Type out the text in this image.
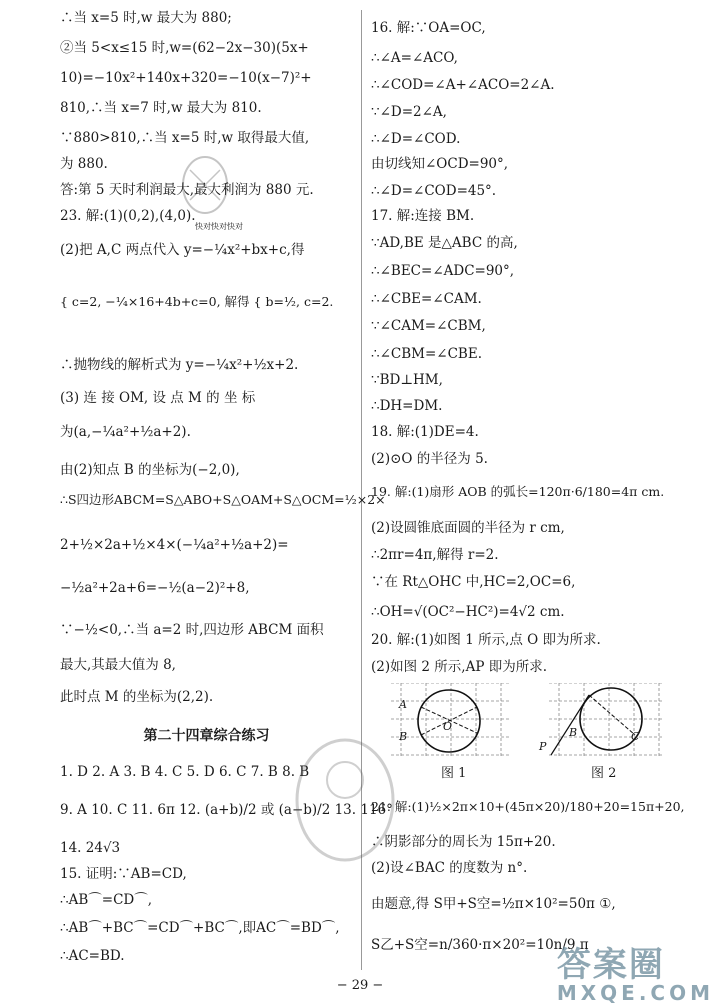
∴当 x=5 时,w 最大为 880;
②当 5<x≤15 时,w=(62−2x−30)(5x+
10)=−10x²+140x+320=−10(x−7)²+
810,∴当 x=7 时,w 最大为 810.
∵880>810,∴当 x=5 时,w 取得最大值,
为 880.
答:第 5 天时利润最大,最大利润为 880 元.
23. 解:(1)(0,2),(4,0).
(2)把 A,C 两点代入 y=−¼x²+bx+c,得
{ c=2, −¼×16+4b+c=0, 解得 { b=½, c=2.
∴抛物线的解析式为 y=−¼x²+½x+2.
(3) 连 接 OM, 设 点 M 的 坐 标
为(a,−¼a²+½a+2).
由(2)知点 B 的坐标为(−2,0),
∴S四边形ABCM=S△ABO+S△OAM+S△OCM=½×2×
2+½×2a+½×4×(−¼a²+½a+2)=
−½a²+2a+6=−½(a−2)²+8,
∵−½<0,∴当 a=2 时,四边形 ABCM 面积
最大,其最大值为 8,
此时点 M 的坐标为(2,2).
第二十四章综合练习
1. D 2. A 3. B 4. C 5. D 6. C 7. B 8. B
9. A 10. C 11. 6π 12. (a+b)/2 或 (a−b)/2 13. 116°
14. 24√3
15. 证明:∵AB=CD,
∴AB⌒=CD⌒,
∴AB⌒+BC⌒=CD⌒+BC⌒,即AC⌒=BD⌒,
∴AC=BD.
快对快对快对
16. 解:∵OA=OC,
∴∠A=∠ACO,
∴∠COD=∠A+∠ACO=2∠A.
∵∠D=2∠A,
∴∠D=∠COD.
由切线知∠OCD=90°,
∴∠D=∠COD=45°.
17. 解:连接 BM.
∵AD,BE 是△ABC 的高,
∴∠BEC=∠ADC=90°,
∴∠CBE=∠CAM.
∵∠CAM=∠CBM,
∴∠CBM=∠CBE.
∵BD⊥HM,
∴DH=DM.
18. 解:(1)DE=4.
(2)⊙O 的半径为 5.
19. 解:(1)扇形 AOB 的弧长=120π·6/180=4π cm.
(2)设圆锥底面圆的半径为 r cm,
∴2πr=4π,解得 r=2.
∵在 Rt△OHC 中,HC=2,OC=6,
∴OH=√(OC²−HC²)=4√2 cm.
20. 解:(1)如图 1 所示,点 O 即为所求.
(2)如图 2 所示,AP 即为所求.
A
B
O
图 1
P
B	C
图 2
21. 解:(1)½×2π×10+(45π×20)/180+20=15π+20,
∴阴影部分的周长为 15π+20.
(2)设∠BAC 的度数为 n°.
由题意,得 S甲+S空=½π×10²=50π ①,
S乙+S空=n/360·π×20²=10n/9 π
− 29 −
答案圈
MXQE.COM
